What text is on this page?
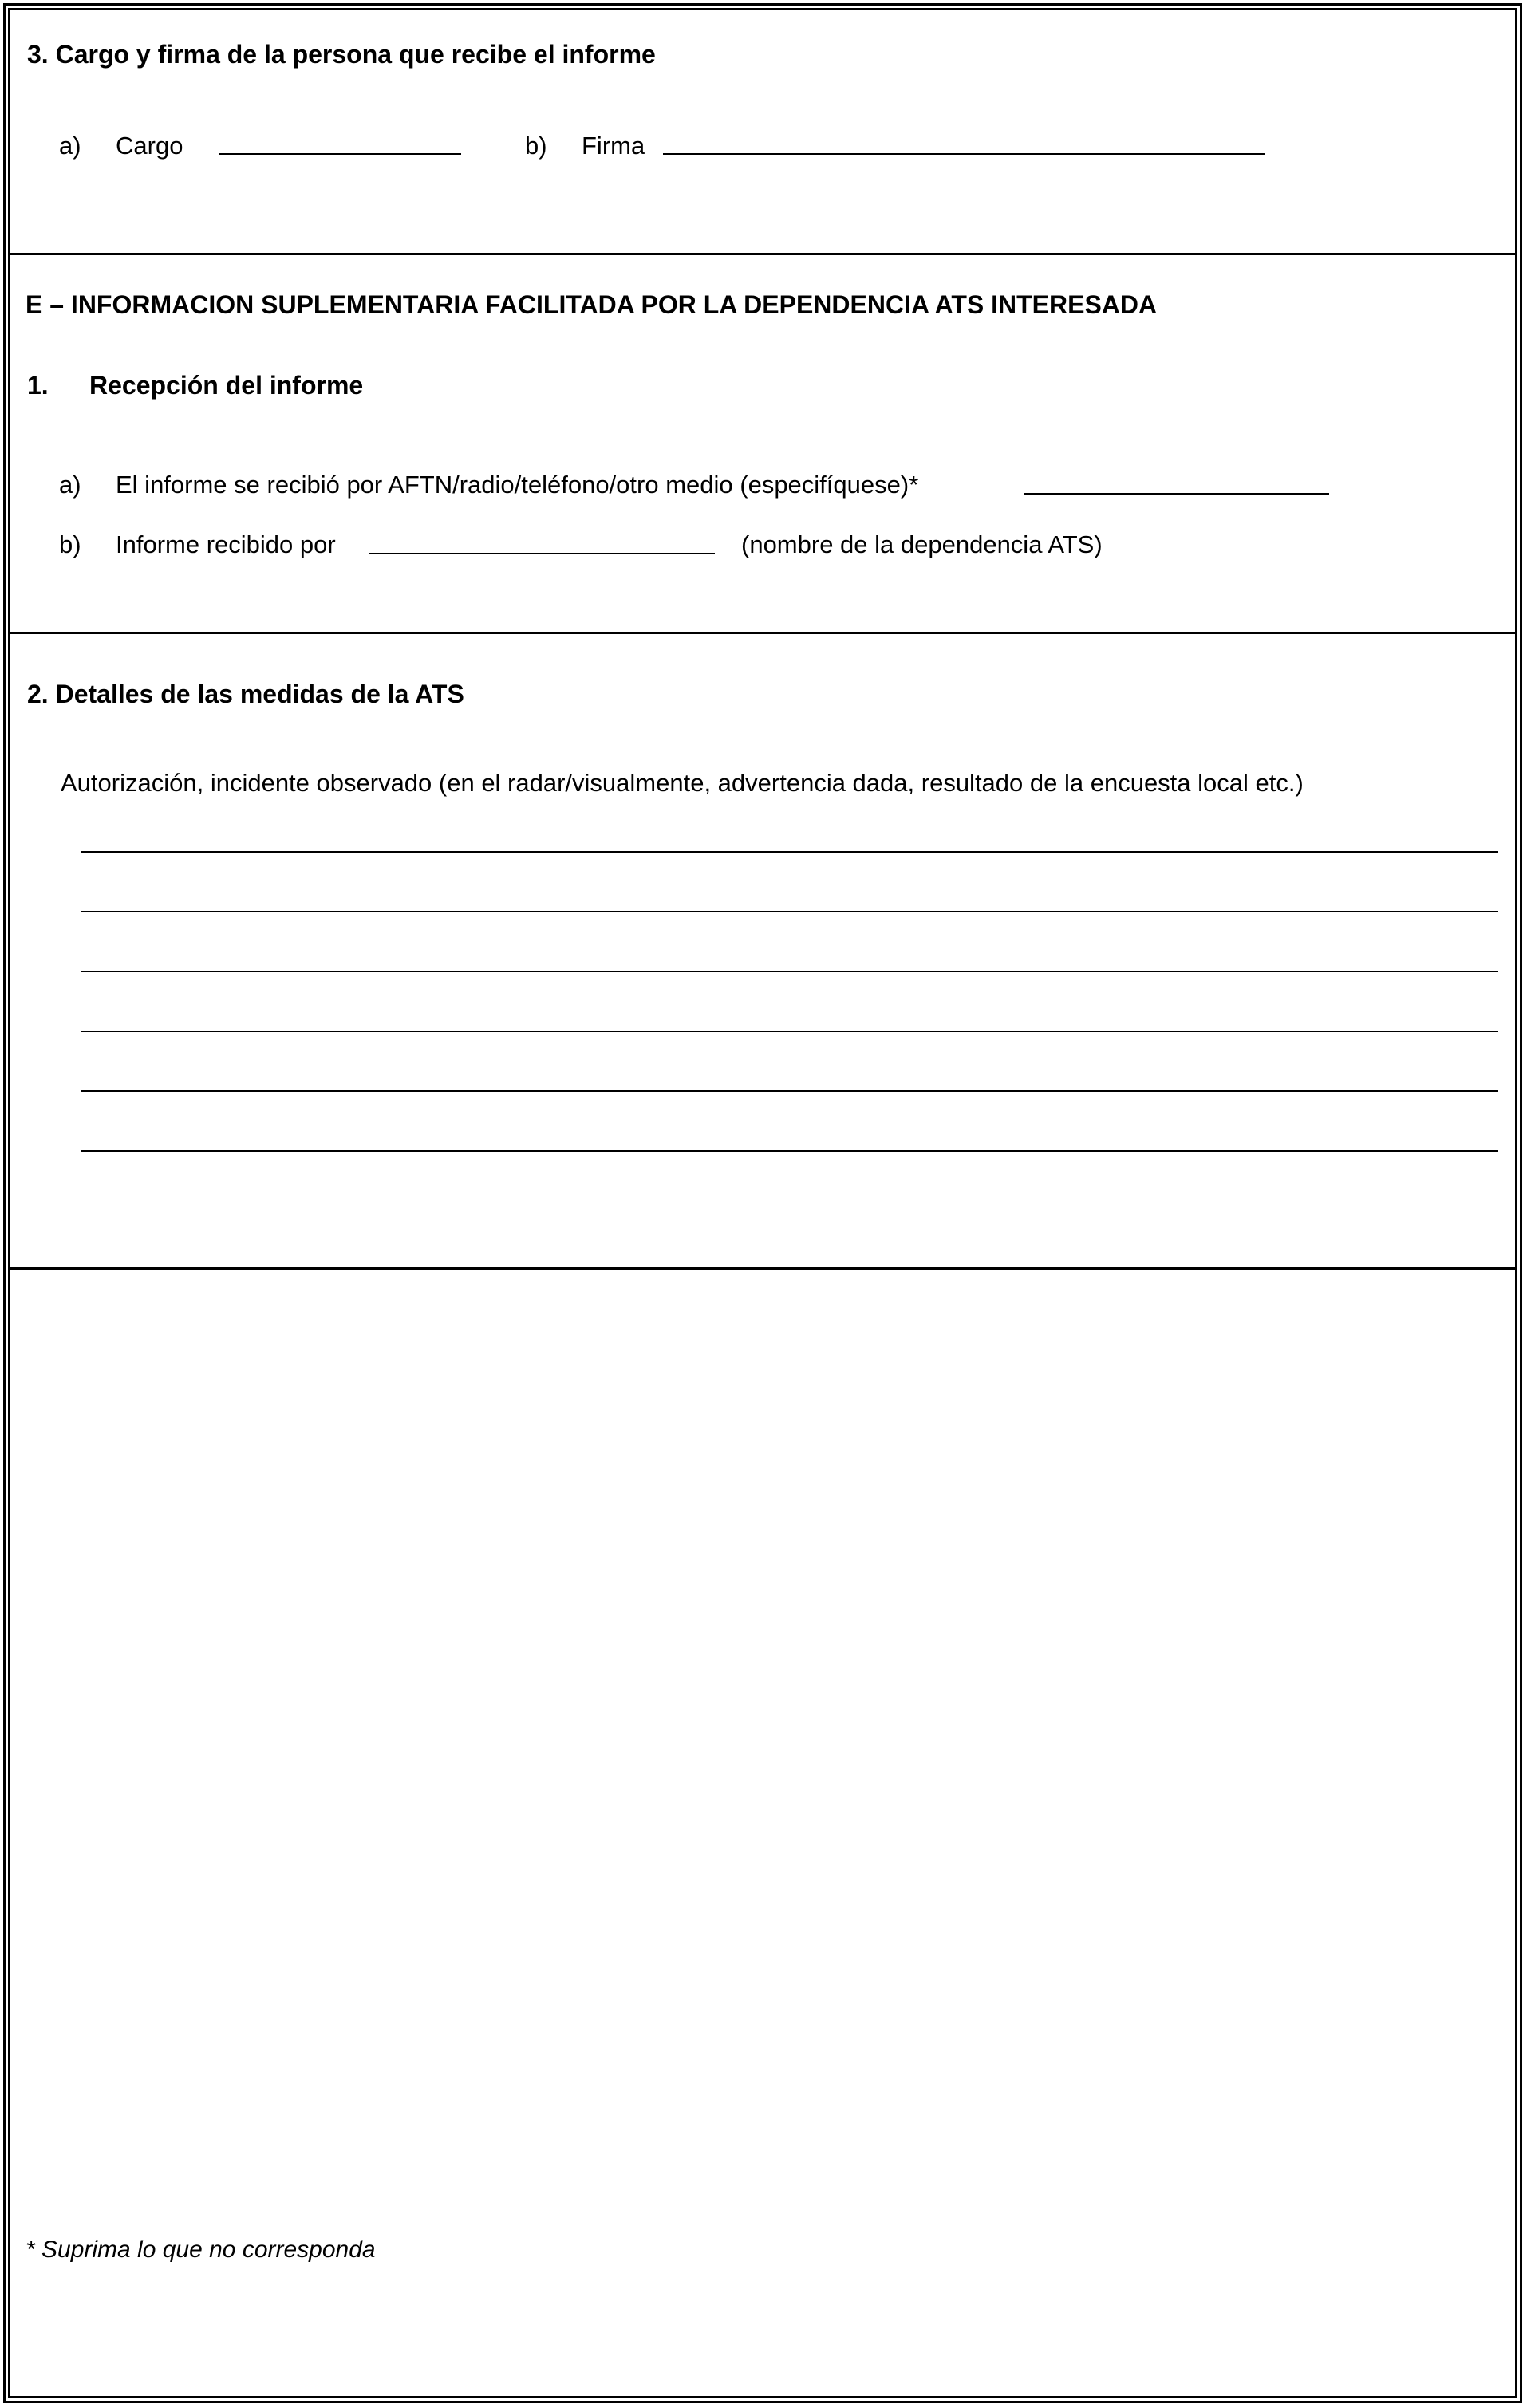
3. Cargo y firma de la persona que recibe el informe
a) Cargo	b) Firma
E – INFORMACION SUPLEMENTARIA FACILITADA POR LA DEPENDENCIA ATS INTERESADA
1. Recepción del informe
a) El informe se recibió por AFTN/radio/teléfono/otro medio (especifíquese)*
b) Informe recibido por	(nombre de la dependencia ATS)
2. Detalles de las medidas de la ATS
Autorización, incidente observado (en el radar/visualmente, advertencia dada, resultado de la encuesta local etc.)
* Suprima lo que no corresponda
